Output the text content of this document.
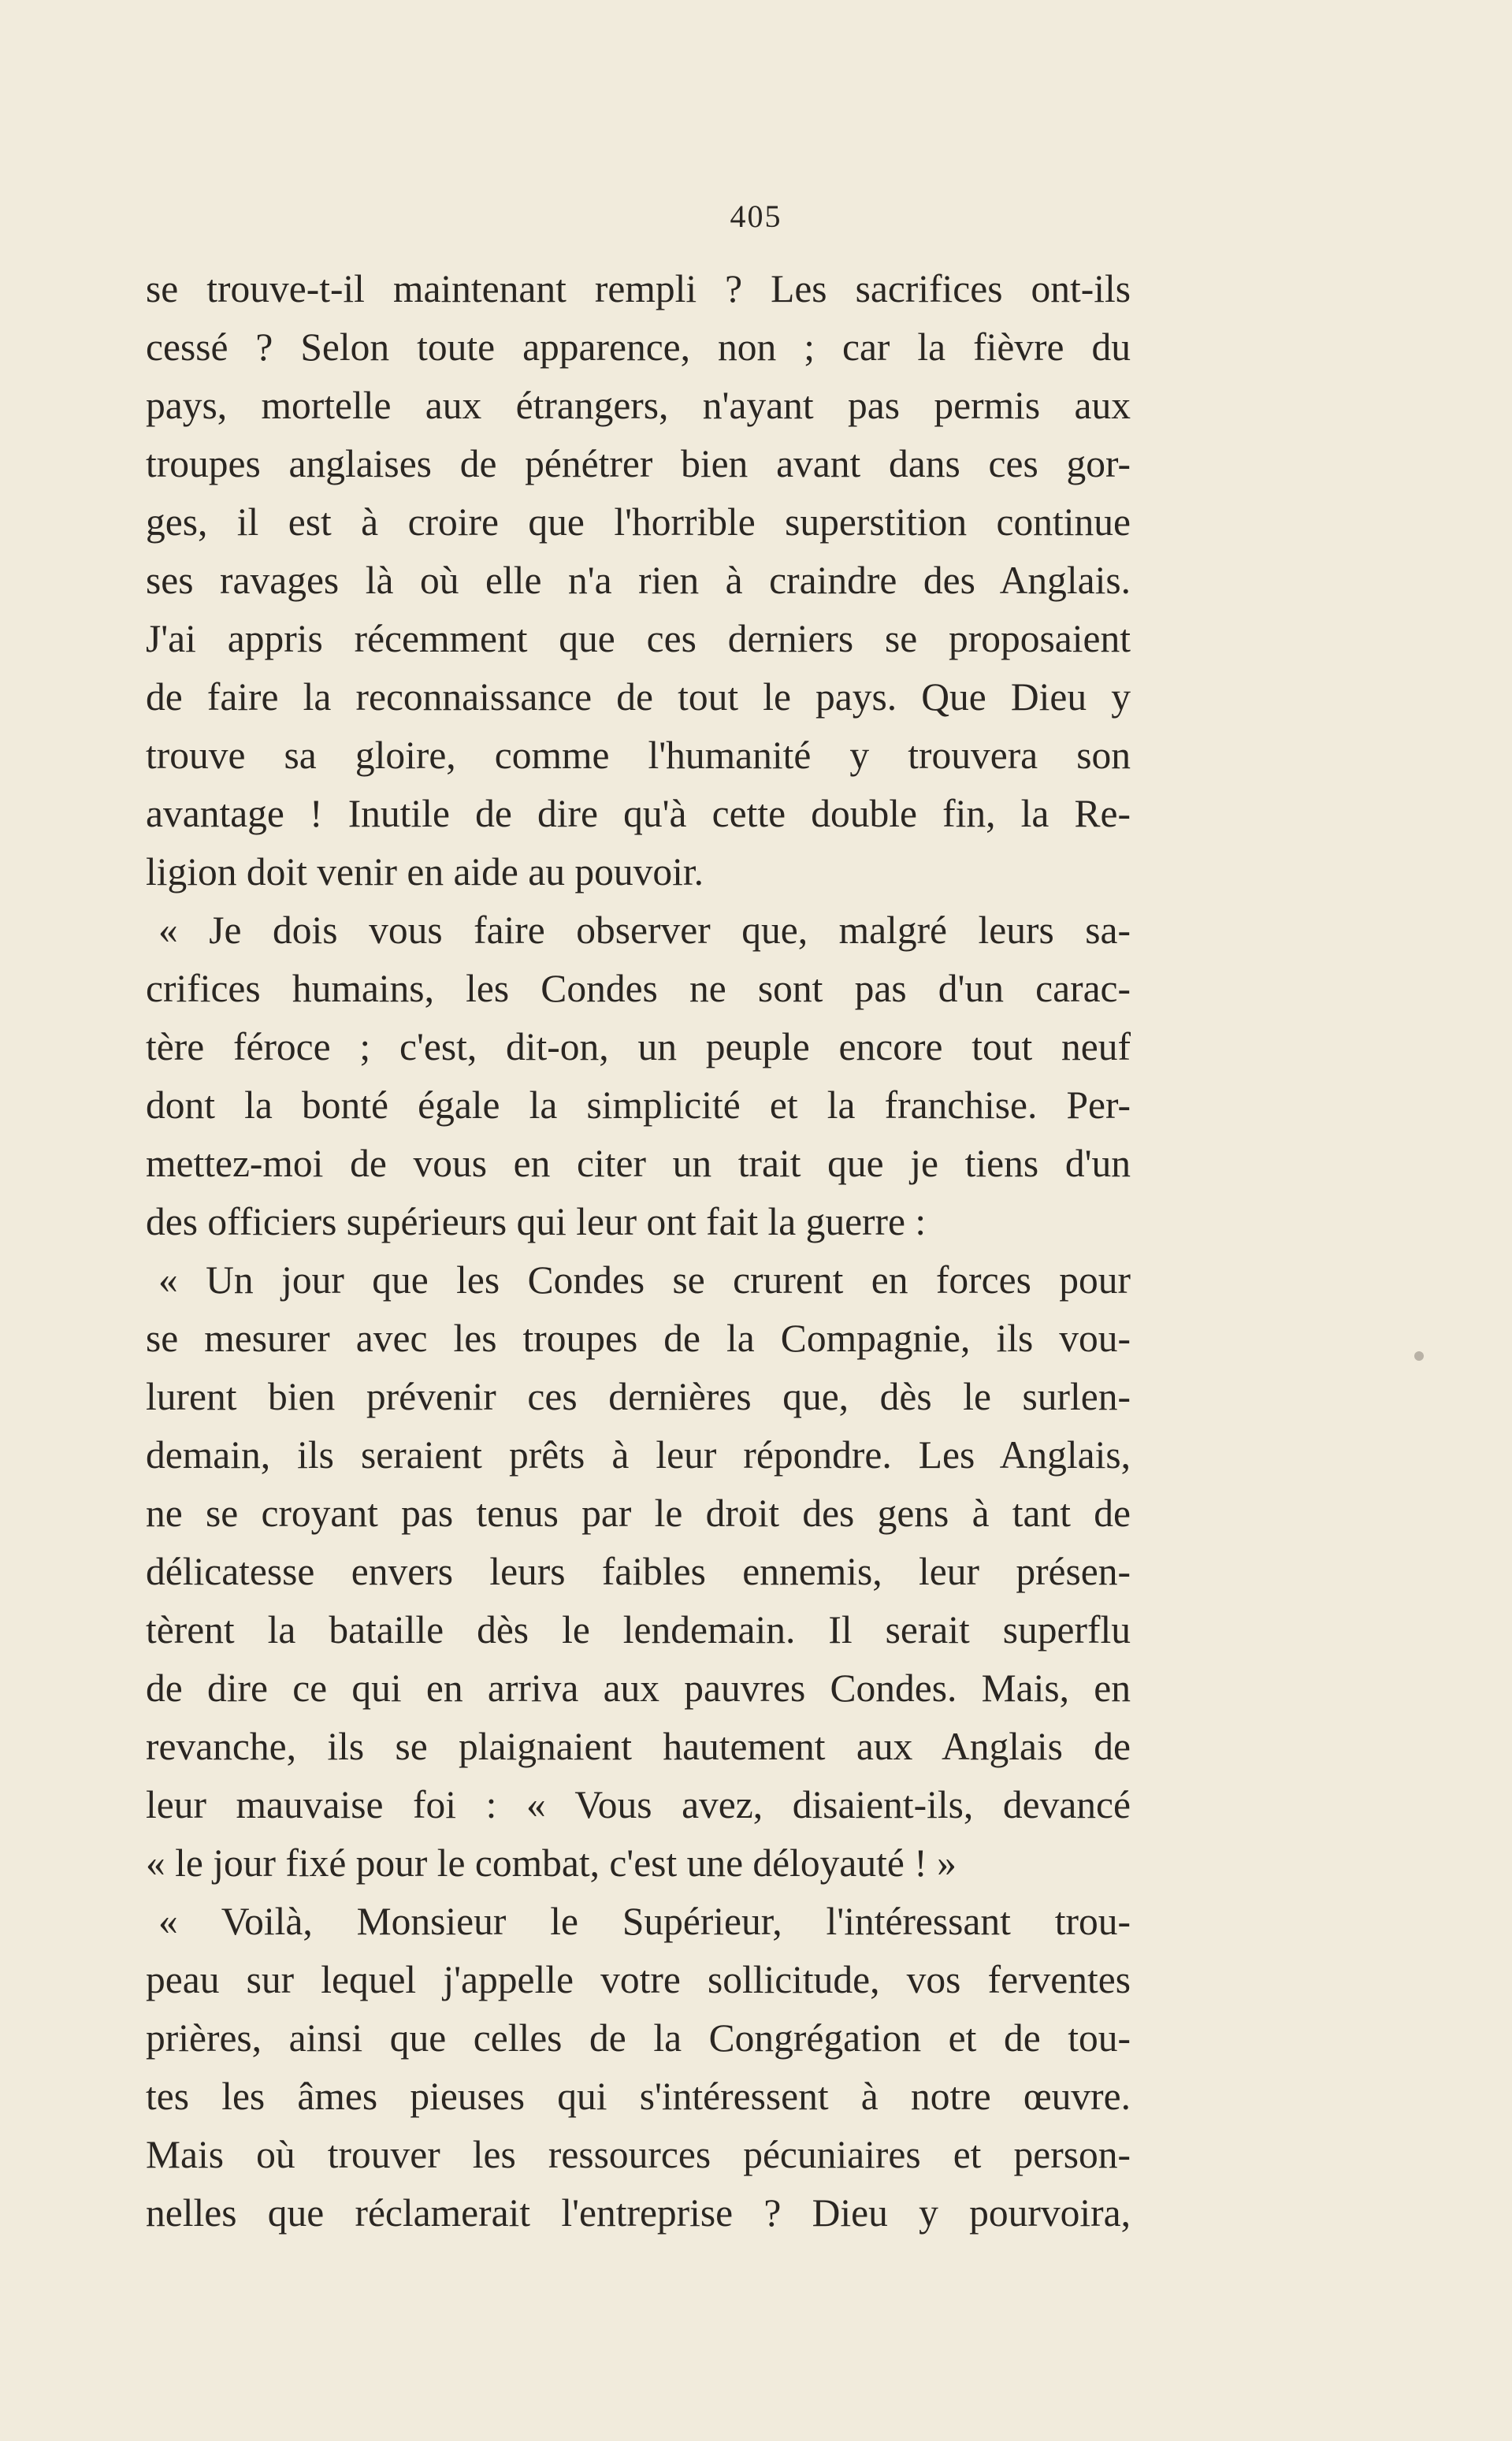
405
se trouve-t-il maintenant rempli ? Les sacrifices ont-ils
cessé ? Selon toute apparence, non ; car la fièvre du
pays, mortelle aux étrangers, n'ayant pas permis aux
troupes anglaises de pénétrer bien avant dans ces gor-
ges, il est à croire que l'horrible superstition continue
ses ravages là où elle n'a rien à craindre des Anglais.
J'ai appris récemment que ces derniers se proposaient
de faire la reconnaissance de tout le pays. Que Dieu y
trouve sa gloire, comme l'humanité y trouvera son
avantage ! Inutile de dire qu'à cette double fin, la Re-
ligion doit venir en aide au pouvoir.
« Je dois vous faire observer que, malgré leurs sa-
crifices humains, les Condes ne sont pas d'un carac-
tère féroce ; c'est, dit-on, un peuple encore tout neuf
dont la bonté égale la simplicité et la franchise. Per-
mettez-moi de vous en citer un trait que je tiens d'un
des officiers supérieurs qui leur ont fait la guerre :
« Un jour que les Condes se crurent en forces pour
se mesurer avec les troupes de la Compagnie, ils vou-
lurent bien prévenir ces dernières que, dès le surlen-
demain, ils seraient prêts à leur répondre. Les Anglais,
ne se croyant pas tenus par le droit des gens à tant de
délicatesse envers leurs faibles ennemis, leur présen-
tèrent la bataille dès le lendemain. Il serait superflu
de dire ce qui en arriva aux pauvres Condes. Mais, en
revanche, ils se plaignaient hautement aux Anglais de
leur mauvaise foi : « Vous avez, disaient-ils, devancé
« le jour fixé pour le combat, c'est une déloyauté ! »
« Voilà, Monsieur le Supérieur, l'intéressant trou-
peau sur lequel j'appelle votre sollicitude, vos ferventes
prières, ainsi que celles de la Congrégation et de tou-
tes les âmes pieuses qui s'intéressent à notre œuvre.
Mais où trouver les ressources pécuniaires et person-
nelles que réclamerait l'entreprise ? Dieu y pourvoira,
